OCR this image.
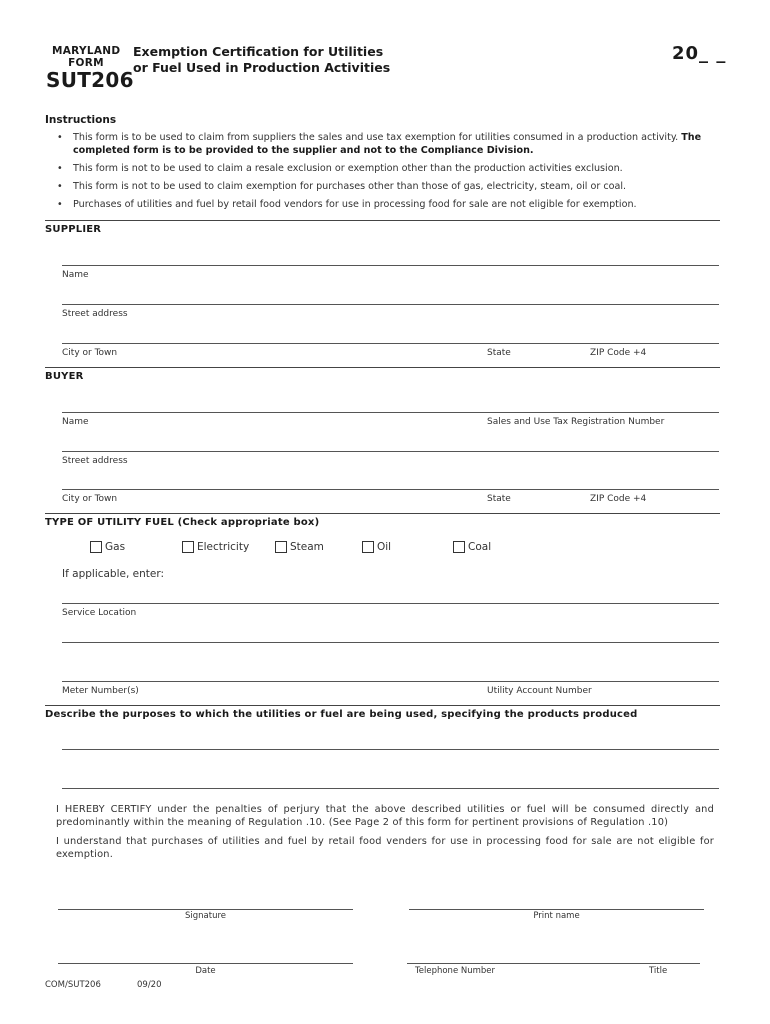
MARYLAND
FORM
SUT206
Exemption Certification for Utilities
or Fuel Used in Production Activities
20_ _
Instructions
• This form is to be used to claim from suppliers the sales and use tax exemption for utilities consumed in a production activity. The completed form is to be provided to the supplier and not to the Compliance Division.
• This form is not to be used to claim a resale exclusion or exemption other than the production activities exclusion.
• This form is not to be used to claim exemption for purchases other than those of gas, electricity, steam, oil or coal.
• Purchases of utilities and fuel by retail food vendors for use in processing food for sale are not eligible for exemption.
SUPPLIER
Name
Street address
City or Town	State	ZIP Code +4
BUYER
Name	Sales and Use Tax Registration Number
Street address
City or Town	State	ZIP Code +4
TYPE OF UTILITY FUEL (Check appropriate box)
Gas	Electricity	Steam	Oil	Coal
If applicable, enter:
Service Location
Meter Number(s)	Utility Account Number
Describe the purposes to which the utilities or fuel are being used, specifying the products produced
I HEREBY CERTIFY under the penalties of perjury that the above described utilities or fuel will be consumed directly and predominantly within the meaning of Regulation .10. (See Page 2 of this form for pertinent provisions of Regulation .10)
I understand that purchases of utilities and fuel by retail food venders for use in processing food for sale are not eligible for exemption.
Signature	Print name
Date	Telephone Number	Title
COM/SUT206	09/20
